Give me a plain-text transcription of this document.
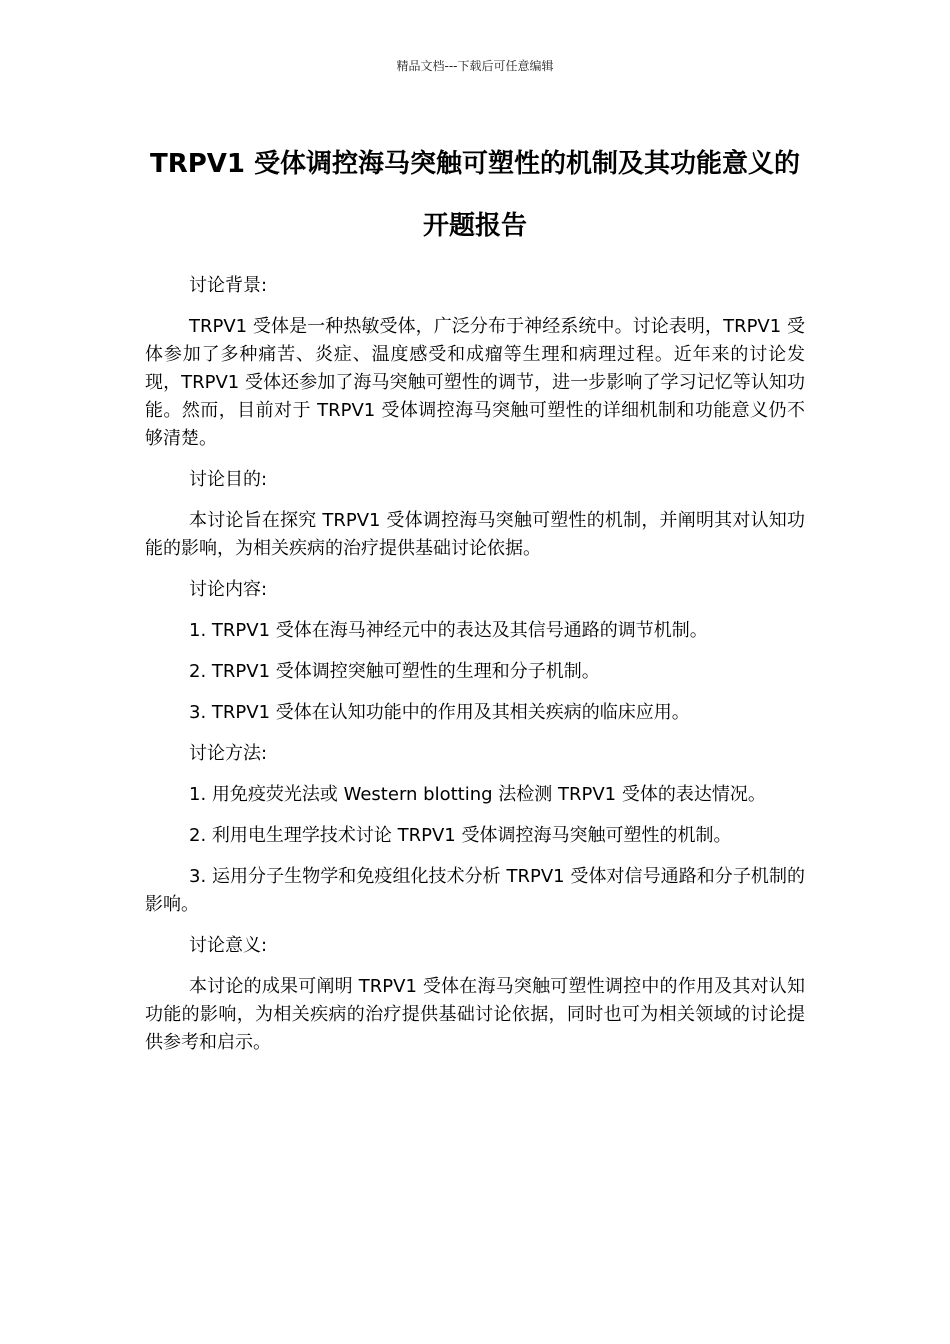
精品文档---下载后可任意编辑
TRPV1 受体调控海马突触可塑性的机制及其功能意义的开题报告

讨论背景:

TRPV1 受体是一种热敏受体，广泛分布于神经系统中。讨论表明，TRPV1 受体参加了多种痛苦、炎症、温度感受和成瘤等生理和病理过程。近年来的讨论发现，TRPV1 受体还参加了海马突触可塑性的调节，进一步影响了学习记忆等认知功能。然而，目前对于 TRPV1 受体调控海马突触可塑性的详细机制和功能意义仍不够清楚。

讨论目的:

本讨论旨在探究 TRPV1 受体调控海马突触可塑性的机制，并阐明其对认知功能的影响，为相关疾病的治疗提供基础讨论依据。

讨论内容:

1. TRPV1 受体在海马神经元中的表达及其信号通路的调节机制。

2. TRPV1 受体调控突触可塑性的生理和分子机制。

3. TRPV1 受体在认知功能中的作用及其相关疾病的临床应用。

讨论方法:

1. 用免疫荧光法或 Western blotting 法检测 TRPV1 受体的表达情况。

2. 利用电生理学技术讨论 TRPV1 受体调控海马突触可塑性的机制。

3. 运用分子生物学和免疫组化技术分析 TRPV1 受体对信号通路和分子机制的影响。

讨论意义:

本讨论的成果可阐明 TRPV1 受体在海马突触可塑性调控中的作用及其对认知功能的影响，为相关疾病的治疗提供基础讨论依据，同时也可为相关领域的讨论提供参考和启示。
